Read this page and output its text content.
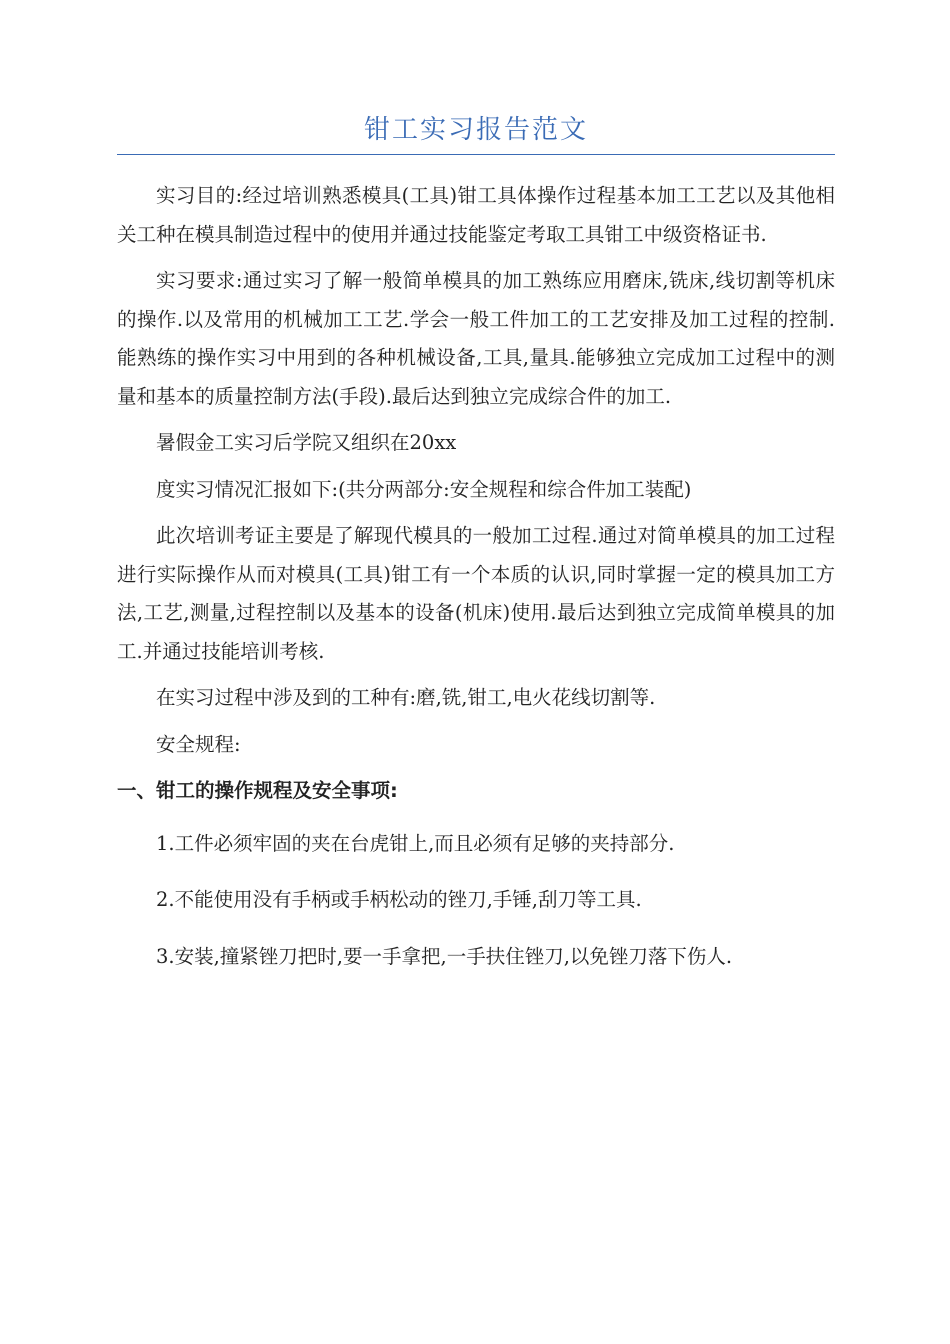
钳工实习报告范文

实习目的:经过培训熟悉模具(工具)钳工具体操作过程基本加工工艺以及其他相关工种在模具制造过程中的使用并通过技能鉴定考取工具钳工中级资格证书.

实习要求:通过实习了解一般简单模具的加工熟练应用磨床,铣床,线切割等机床的操作.以及常用的机械加工工艺.学会一般工件加工的工艺安排及加工过程的控制.能熟练的操作实习中用到的各种机械设备,工具,量具.能够独立完成加工过程中的测量和基本的质量控制方法(手段).最后达到独立完成综合件的加工.

暑假金工实习后学院又组织在20xx

度实习情况汇报如下:(共分两部分:安全规程和综合件加工装配)

此次培训考证主要是了解现代模具的一般加工过程.通过对简单模具的加工过程进行实际操作从而对模具(工具)钳工有一个本质的认识,同时掌握一定的模具加工方法,工艺,测量,过程控制以及基本的设备(机床)使用.最后达到独立完成简单模具的加工.并通过技能培训考核.

在实习过程中涉及到的工种有:磨,铣,钳工,电火花线切割等.

安全规程:

一、钳工的操作规程及安全事项:

1.工件必须牢固的夹在台虎钳上,而且必须有足够的夹持部分.

2.不能使用没有手柄或手柄松动的锉刀,手锤,刮刀等工具.

3.安装,撞紧锉刀把时,要一手拿把,一手扶住锉刀,以免锉刀落下伤人.
